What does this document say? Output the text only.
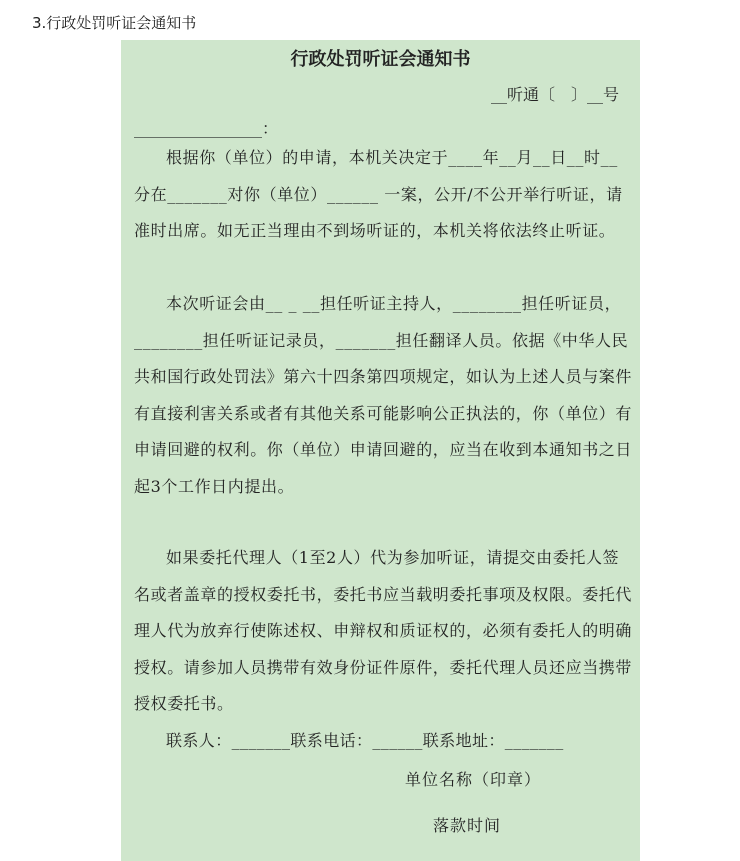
3.行政处罚听证会通知书
行政处罚听证会通知书
__听通〔　〕__号
________________：

根据你（单位）的申请，本机关决定于____年__月__日__时__分在_______对你（单位）______ 一案，公开/不公开举行听证，请准时出席。如无正当理由不到场听证的，本机关将依法终止听证。

本次听证会由__ _ __担任听证主持人，________担任听证员，________担任听证记录员，_______担任翻译人员。依据《中华人民共和国行政处罚法》第六十四条第四项规定，如认为上述人员与案件有直接利害关系或者有其他关系可能影响公正执法的，你（单位）有申请回避的权利。你（单位）申请回避的，应当在收到本通知书之日起3个工作日内提出。

如果委托代理人（1至2人）代为参加听证，请提交由委托人签名或者盖章的授权委托书，委托书应当载明委托事项及权限。委托代理人代为放弃行使陈述权、申辩权和质证权的，必须有委托人的明确授权。请参加人员携带有效身份证件原件，委托代理人员还应当携带授权委托书。

联系人：_______联系电话：______联系地址：_______
单位名称（印章）
落款时间
